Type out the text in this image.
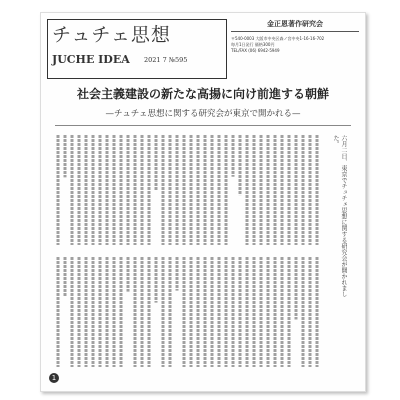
チュチェ思想
JUCHE IDEA 2021 7 №595
金正恩著作研究会
〒540-0003 大阪市中央区森ノ宮中央1-16-16-702
毎月1日発行 価格300円
TEL/FAX (06) 6942-5949
社会主義建設の新たな高揚に向け前進する朝鮮
—チュチェ思想に関する研究会が東京で開かれる—
六月二日、東京でチュチェ思想に関する研究会が開かれました。
1
